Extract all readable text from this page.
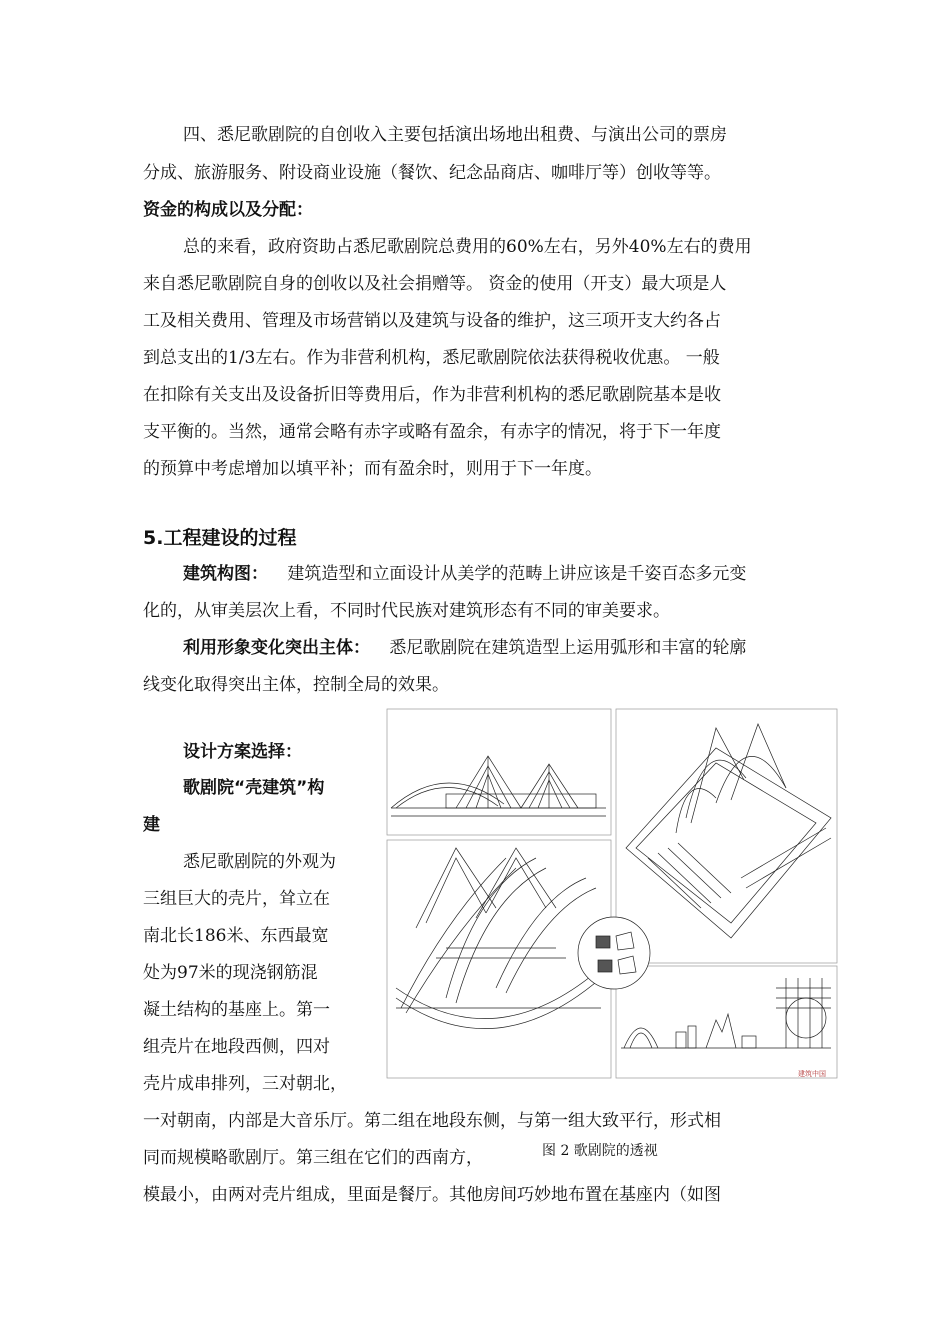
四、悉尼歌剧院的自创收入主要包括演出场地出租费、与演出公司的票房
分成、旅游服务、附设商业设施（餐饮、纪念品商店、咖啡厅等）创收等等。
资金的构成以及分配：
总的来看，政府资助占悉尼歌剧院总费用的60%左右，另外40%左右的费用
来自悉尼歌剧院自身的创收以及社会捐赠等。 资金的使用（开支）最大项是人
工及相关费用、管理及市场营销以及建筑与设备的维护，这三项开支大约各占
到总支出的1/3左右。作为非营利机构，悉尼歌剧院依法获得税收优惠。 一般
在扣除有关支出及设备折旧等费用后，作为非营利机构的悉尼歌剧院基本是收
支平衡的。当然，通常会略有赤字或略有盈余，有赤字的情况，将于下一年度
的预算中考虑增加以填平补；而有盈余时，则用于下一年度。
5.工程建设的过程
建筑构图： 建筑造型和立面设计从美学的范畴上讲应该是千姿百态多元变
化的，从审美层次上看，不同时代民族对建筑形态有不同的审美要求。
利用形象变化突出主体： 悉尼歌剧院在建筑造型上运用弧形和丰富的轮廓
线变化取得突出主体，控制全局的效果。
设计方案选择：
歌剧院“壳建筑”构
建
悉尼歌剧院的外观为
三组巨大的壳片，耸立在
南北长186米、东西最宽
处为97米的现浇钢筋混
凝土结构的基座上。第一
组壳片在地段西侧，四对
壳片成串排列，三对朝北，
一对朝南，内部是大音乐厅。第二组在地段东侧，与第一组大致平行，形式相
同而规模略歌剧厅。第三组在它们的西南方，
模最小，由两对壳片组成，里面是餐厅。其他房间巧妙地布置在基座内（如图
建筑中国
图 2 歌剧院的透视
